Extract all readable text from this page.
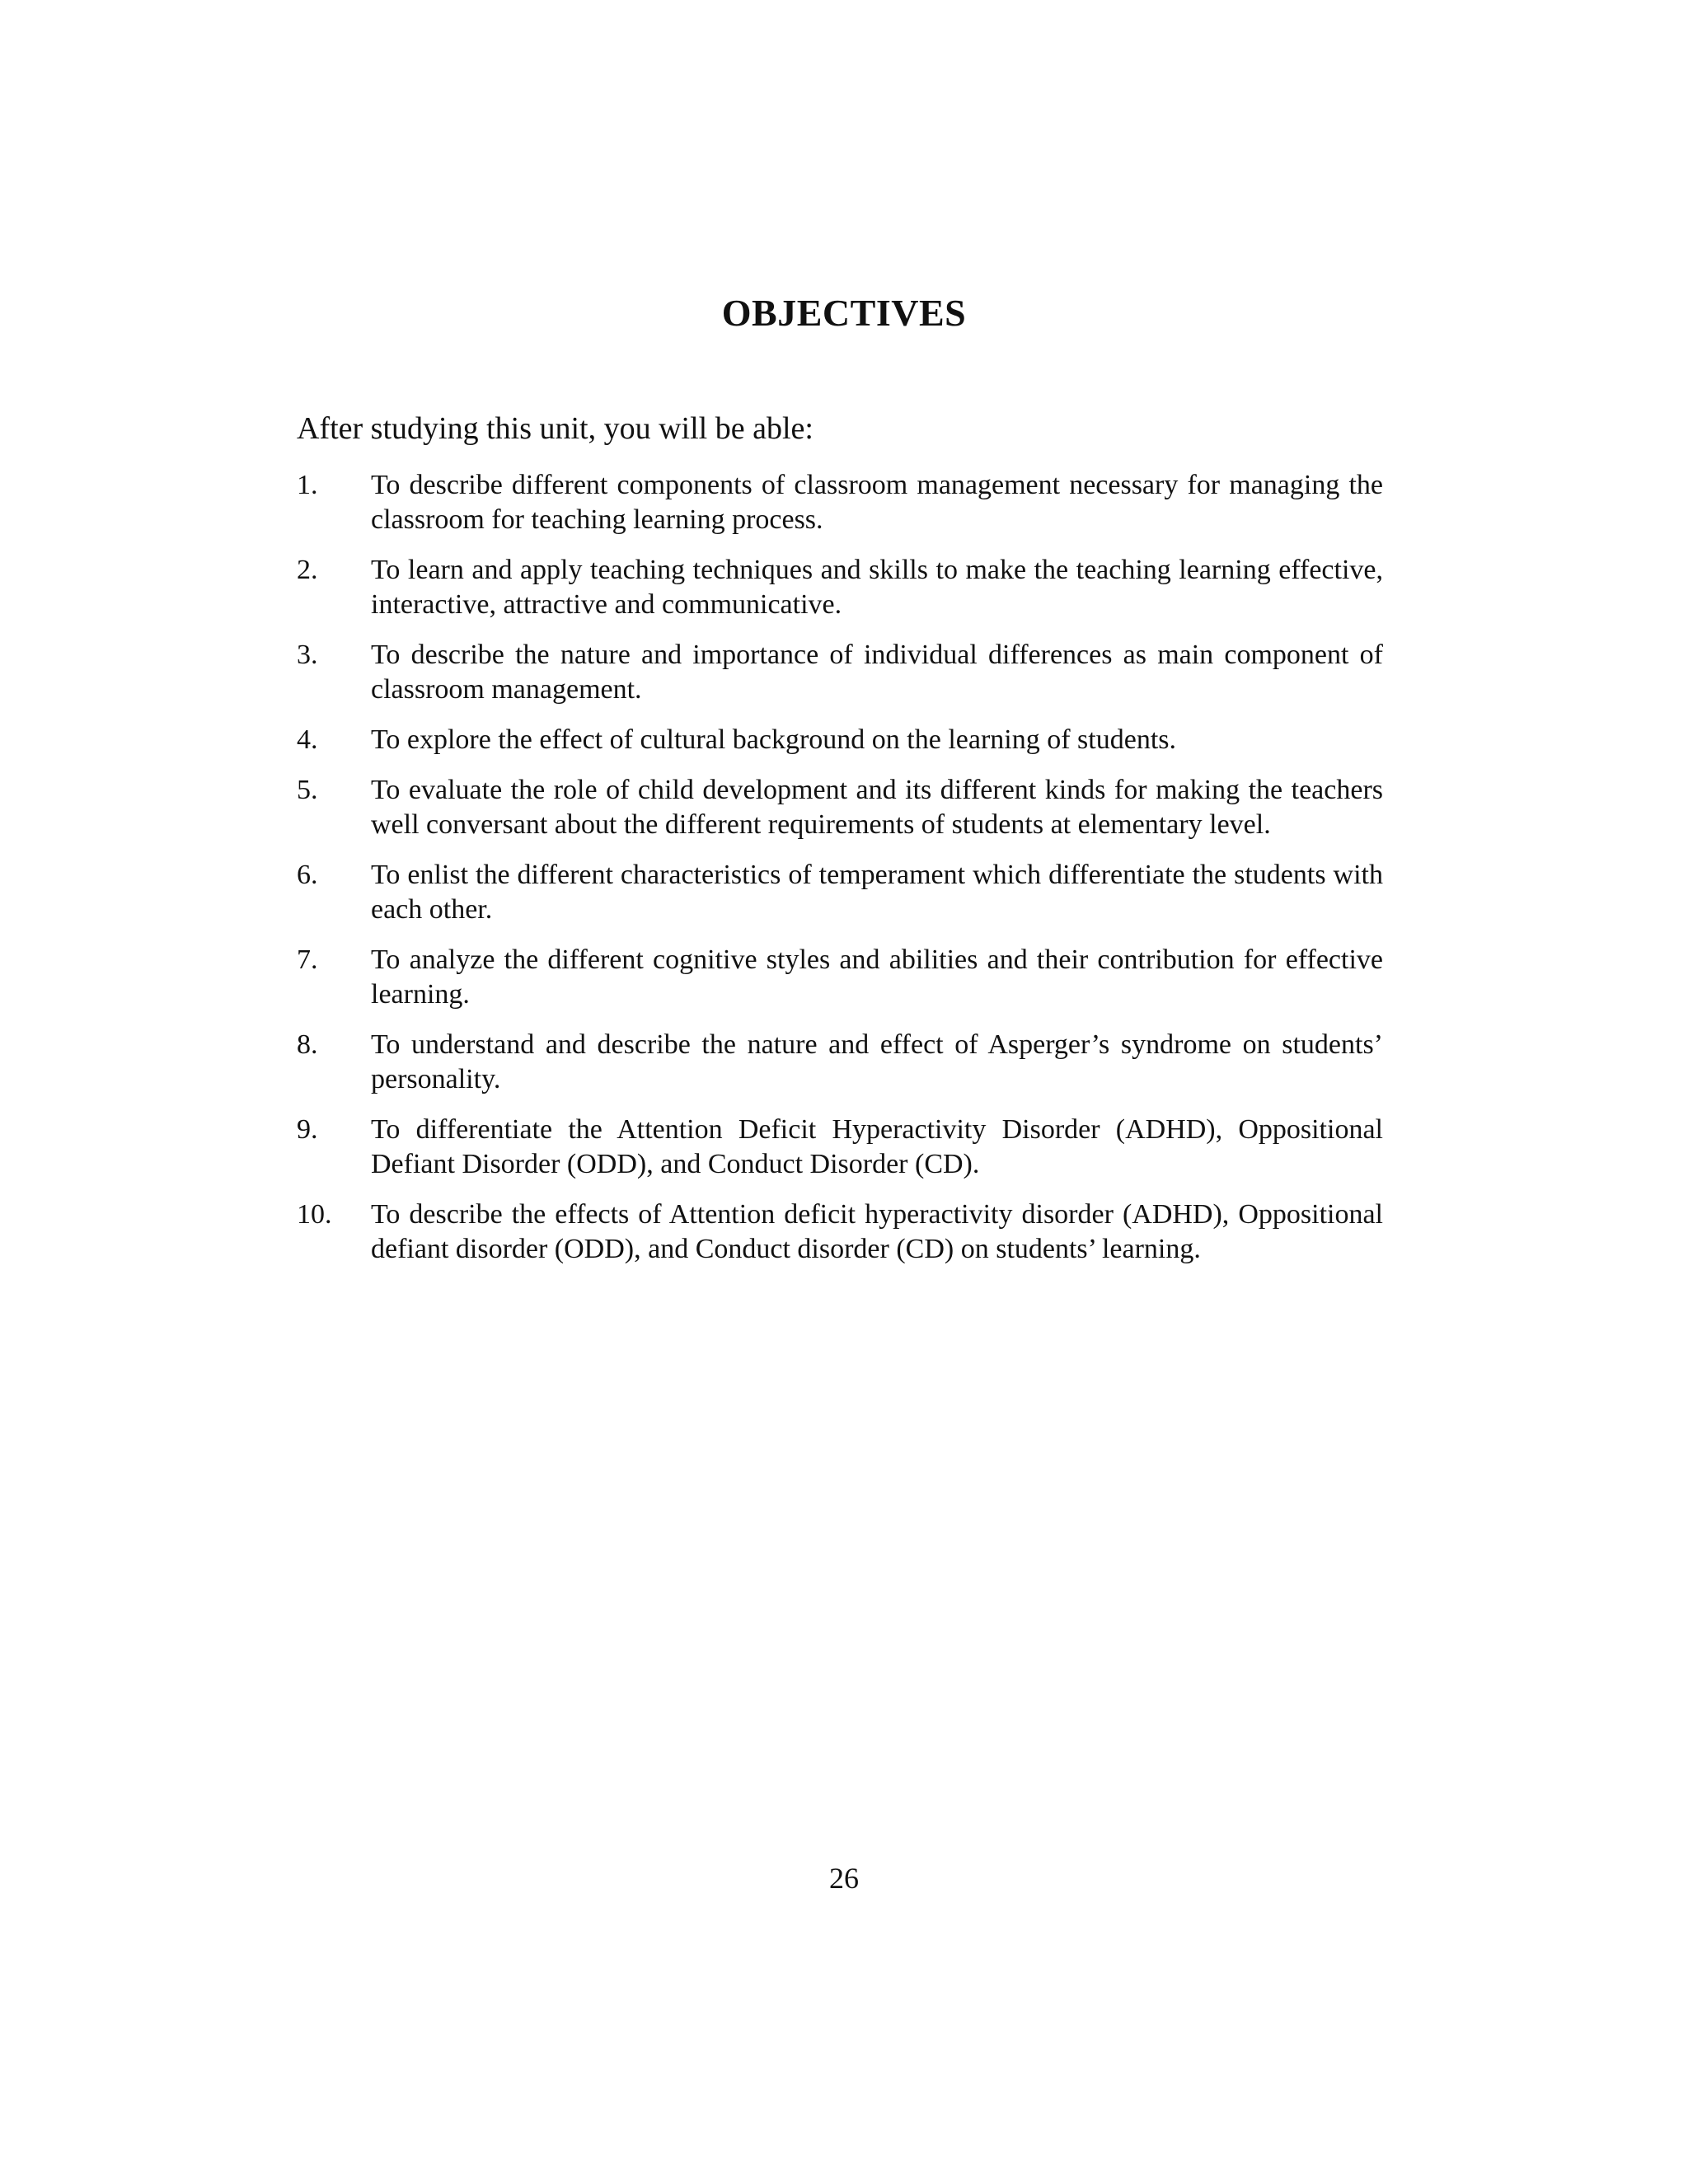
OBJECTIVES
After studying this unit, you will be able:
1.	To describe different components of classroom management necessary for managing the classroom for teaching learning process.
2.	To learn and apply teaching techniques and skills to make the teaching learning effective, interactive, attractive and communicative.
3.	To describe the nature and importance of individual differences as main component of classroom management.
4.	To explore the effect of cultural background on the learning of students.
5.	To evaluate the role of child development and its different kinds for making the teachers well conversant about the different requirements of students at elementary level.
6.	To enlist the different characteristics of temperament which differentiate the students with each other.
7.	To analyze the different cognitive styles and abilities and their contribution for effective learning.
8.	To understand and describe the nature and effect of Asperger’s syndrome on students’ personality.
9.	To differentiate the Attention Deficit Hyperactivity Disorder (ADHD), Oppositional Defiant Disorder (ODD), and Conduct Disorder (CD).
10.	To describe the effects of Attention deficit hyperactivity disorder (ADHD), Oppositional defiant disorder (ODD), and Conduct disorder (CD) on students’ learning.
26
